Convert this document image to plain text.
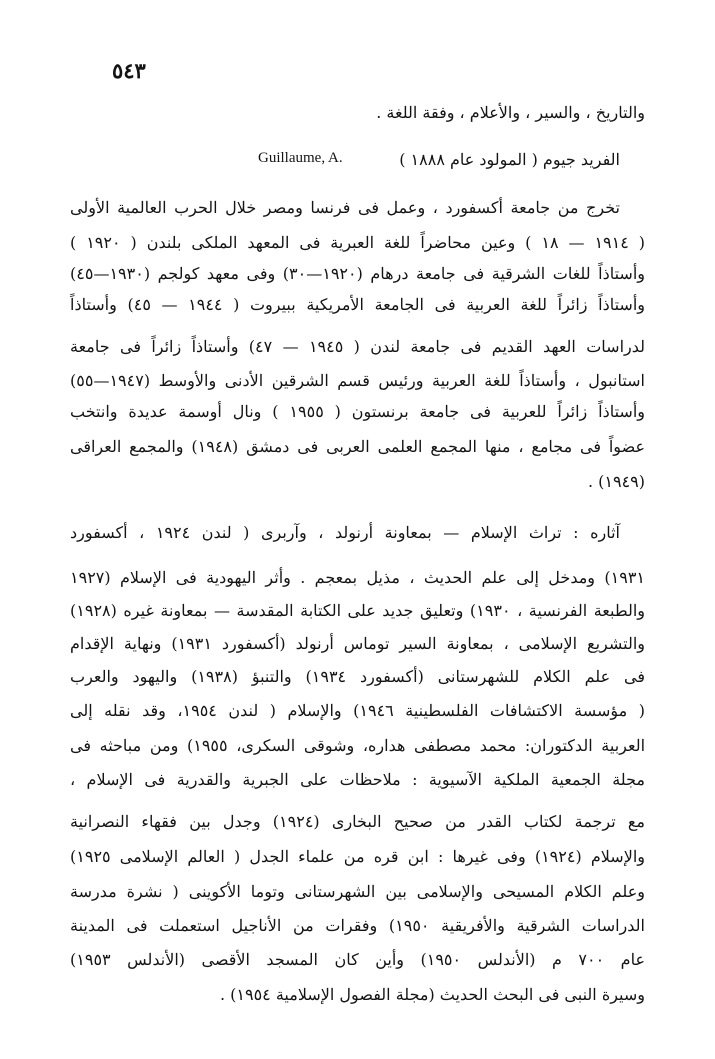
٥٤٣
والتاريخ ، والسير ، والأعلام ، وفقة اللغة .
الفريد جيوم ( المولود عام ١٨٨٨ )
Guillaume, A.
تخرج من جامعة أكسفورد ، وعمل فى فرنسا ومصر خلال الحرب العالمية الأولى
( ١٩١٤ — ١٨ ) وعين محاضراً للغة العبرية فى المعهد الملكى بلندن ( ١٩٢٠ )
وأستاذاً للغات الشرقية فى جامعة درهام (١٩٢٠—٣٠) وفى معهد كولجم (١٩٣٠—٤٥)
وأستاذاً زائراً للغة العربية فى الجامعة الأمريكية ببيروت ( ١٩٤٤ — ٤٥) وأستاذاً
لدراسات العهد القديم فى جامعة لندن ( ١٩٤٥ — ٤٧) وأستاذاً زائراً فى جامعة
استانبول ، وأستاذاً للغة العربية ورئيس قسم الشرقين الأدنى والأوسط (١٩٤٧—٥٥)
وأستاذاً زائراً للعربية فى جامعة برنستون ( ١٩٥٥ ) ونال أوسمة عديدة وانتخب
عضواً فى مجامع ، منها المجمع العلمى العربى فى دمشق (١٩٤٨) والمجمع العراقى
(١٩٤٩) .
آثاره : تراث الإسلام — بمعاونة أرنولد ، وآربرى ( لندن ١٩٢٤ ، أكسفورد
١٩٣١) ومدخل إلى علم الحديث ، مذيل بمعجم . وأثر اليهودية فى الإسلام (١٩٢٧
والطبعة الفرنسية ، ١٩٣٠) وتعليق جديد على الكتابة المقدسة — بمعاونة غيره (١٩٢٨)
والتشريع الإسلامى ، بمعاونة السير توماس أرنولد (أكسفورد ١٩٣١) ونهاية الإقدام
فى علم الكلام للشهرستانى (أكسفورد ١٩٣٤) والتنبؤ (١٩٣٨) واليهود والعرب
( مؤسسة الاكتشافات الفلسطينية ١٩٤٦) والإسلام ( لندن ١٩٥٤، وقد نقله إلى
العربية الدكتوران: محمد مصطفى هداره، وشوقى السكرى، ١٩٥٥) ومن مباحثه فى
مجلة الجمعية الملكية الآسيوية : ملاحظات على الجبرية والقدرية فى الإسلام ،
مع ترجمة لكتاب القدر من صحيح البخارى (١٩٢٤) وجدل بين فقهاء النصرانية
والإسلام (١٩٢٤) وفى غيرها : ابن قره من علماء الجدل ( العالم الإسلامى ١٩٢٥)
وعلم الكلام المسيحى والإسلامى بين الشهرستانى وتوما الأكوينى ( نشرة مدرسة
الدراسات الشرقية والأفريقية ١٩٥٠) وفقرات من الأناجيل استعملت فى المدينة
عام ٧٠٠ م (الأندلس ١٩٥٠) وأين كان المسجد الأقصى (الأندلس ١٩٥٣)
وسيرة النبى فى البحث الحديث (مجلة الفصول الإسلامية ١٩٥٤) .
